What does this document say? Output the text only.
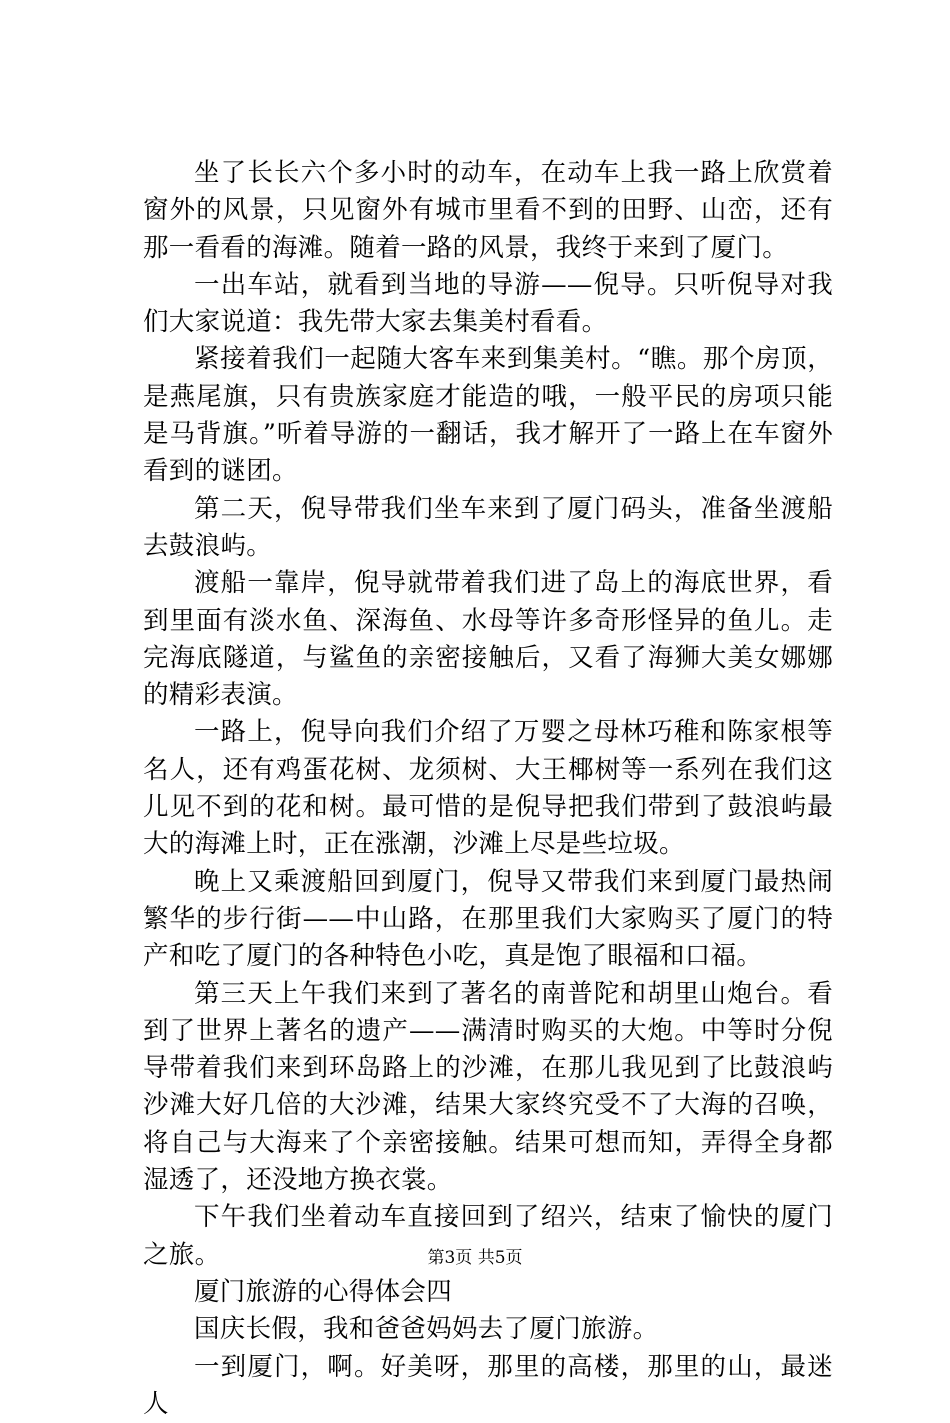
坐了长长六个多小时的动车，在动车上我一路上欣赏着窗外的风景，只见窗外有城市里看不到的田野、山峦，还有那一看看的海滩。随着一路的风景，我终于来到了厦门。

一出车站，就看到当地的导游——倪导。只听倪导对我们大家说道：我先带大家去集美村看看。

紧接着我们一起随大客车来到集美村。“瞧。那个房顶，是燕尾旗，只有贵族家庭才能造的哦，一般平民的房项只能是马背旗。”听着导游的一翻话，我才解开了一路上在车窗外看到的谜团。

第二天，倪导带我们坐车来到了厦门码头，准备坐渡船去鼓浪屿。

渡船一靠岸，倪导就带着我们进了岛上的海底世界，看到里面有淡水鱼、深海鱼、水母等许多奇形怪异的鱼儿。走完海底隧道，与鲨鱼的亲密接触后，又看了海狮大美女娜娜的精彩表演。

一路上，倪导向我们介绍了万婴之母林巧稚和陈家根等名人，还有鸡蛋花树、龙须树、大王椰树等一系列在我们这儿见不到的花和树。最可惜的是倪导把我们带到了鼓浪屿最大的海滩上时，正在涨潮，沙滩上尽是些垃圾。

晚上又乘渡船回到厦门，倪导又带我们来到厦门最热闹繁华的步行街——中山路，在那里我们大家购买了厦门的特产和吃了厦门的各种特色小吃，真是饱了眼福和口福。

第三天上午我们来到了著名的南普陀和胡里山炮台。看到了世界上著名的遗产——满清时购买的大炮。中等时分倪导带着我们来到环岛路上的沙滩，在那儿我见到了比鼓浪屿沙滩大好几倍的大沙滩，结果大家终究受不了大海的召唤，将自己与大海来了个亲密接触。结果可想而知，弄得全身都湿透了，还没地方换衣裳。

下午我们坐着动车直接回到了绍兴，结束了愉快的厦门之旅。

厦门旅游的心得体会四

国庆长假，我和爸爸妈妈去了厦门旅游。

一到厦门，啊。好美呀，那里的高楼，那里的山，最迷人

第3页 共5页
